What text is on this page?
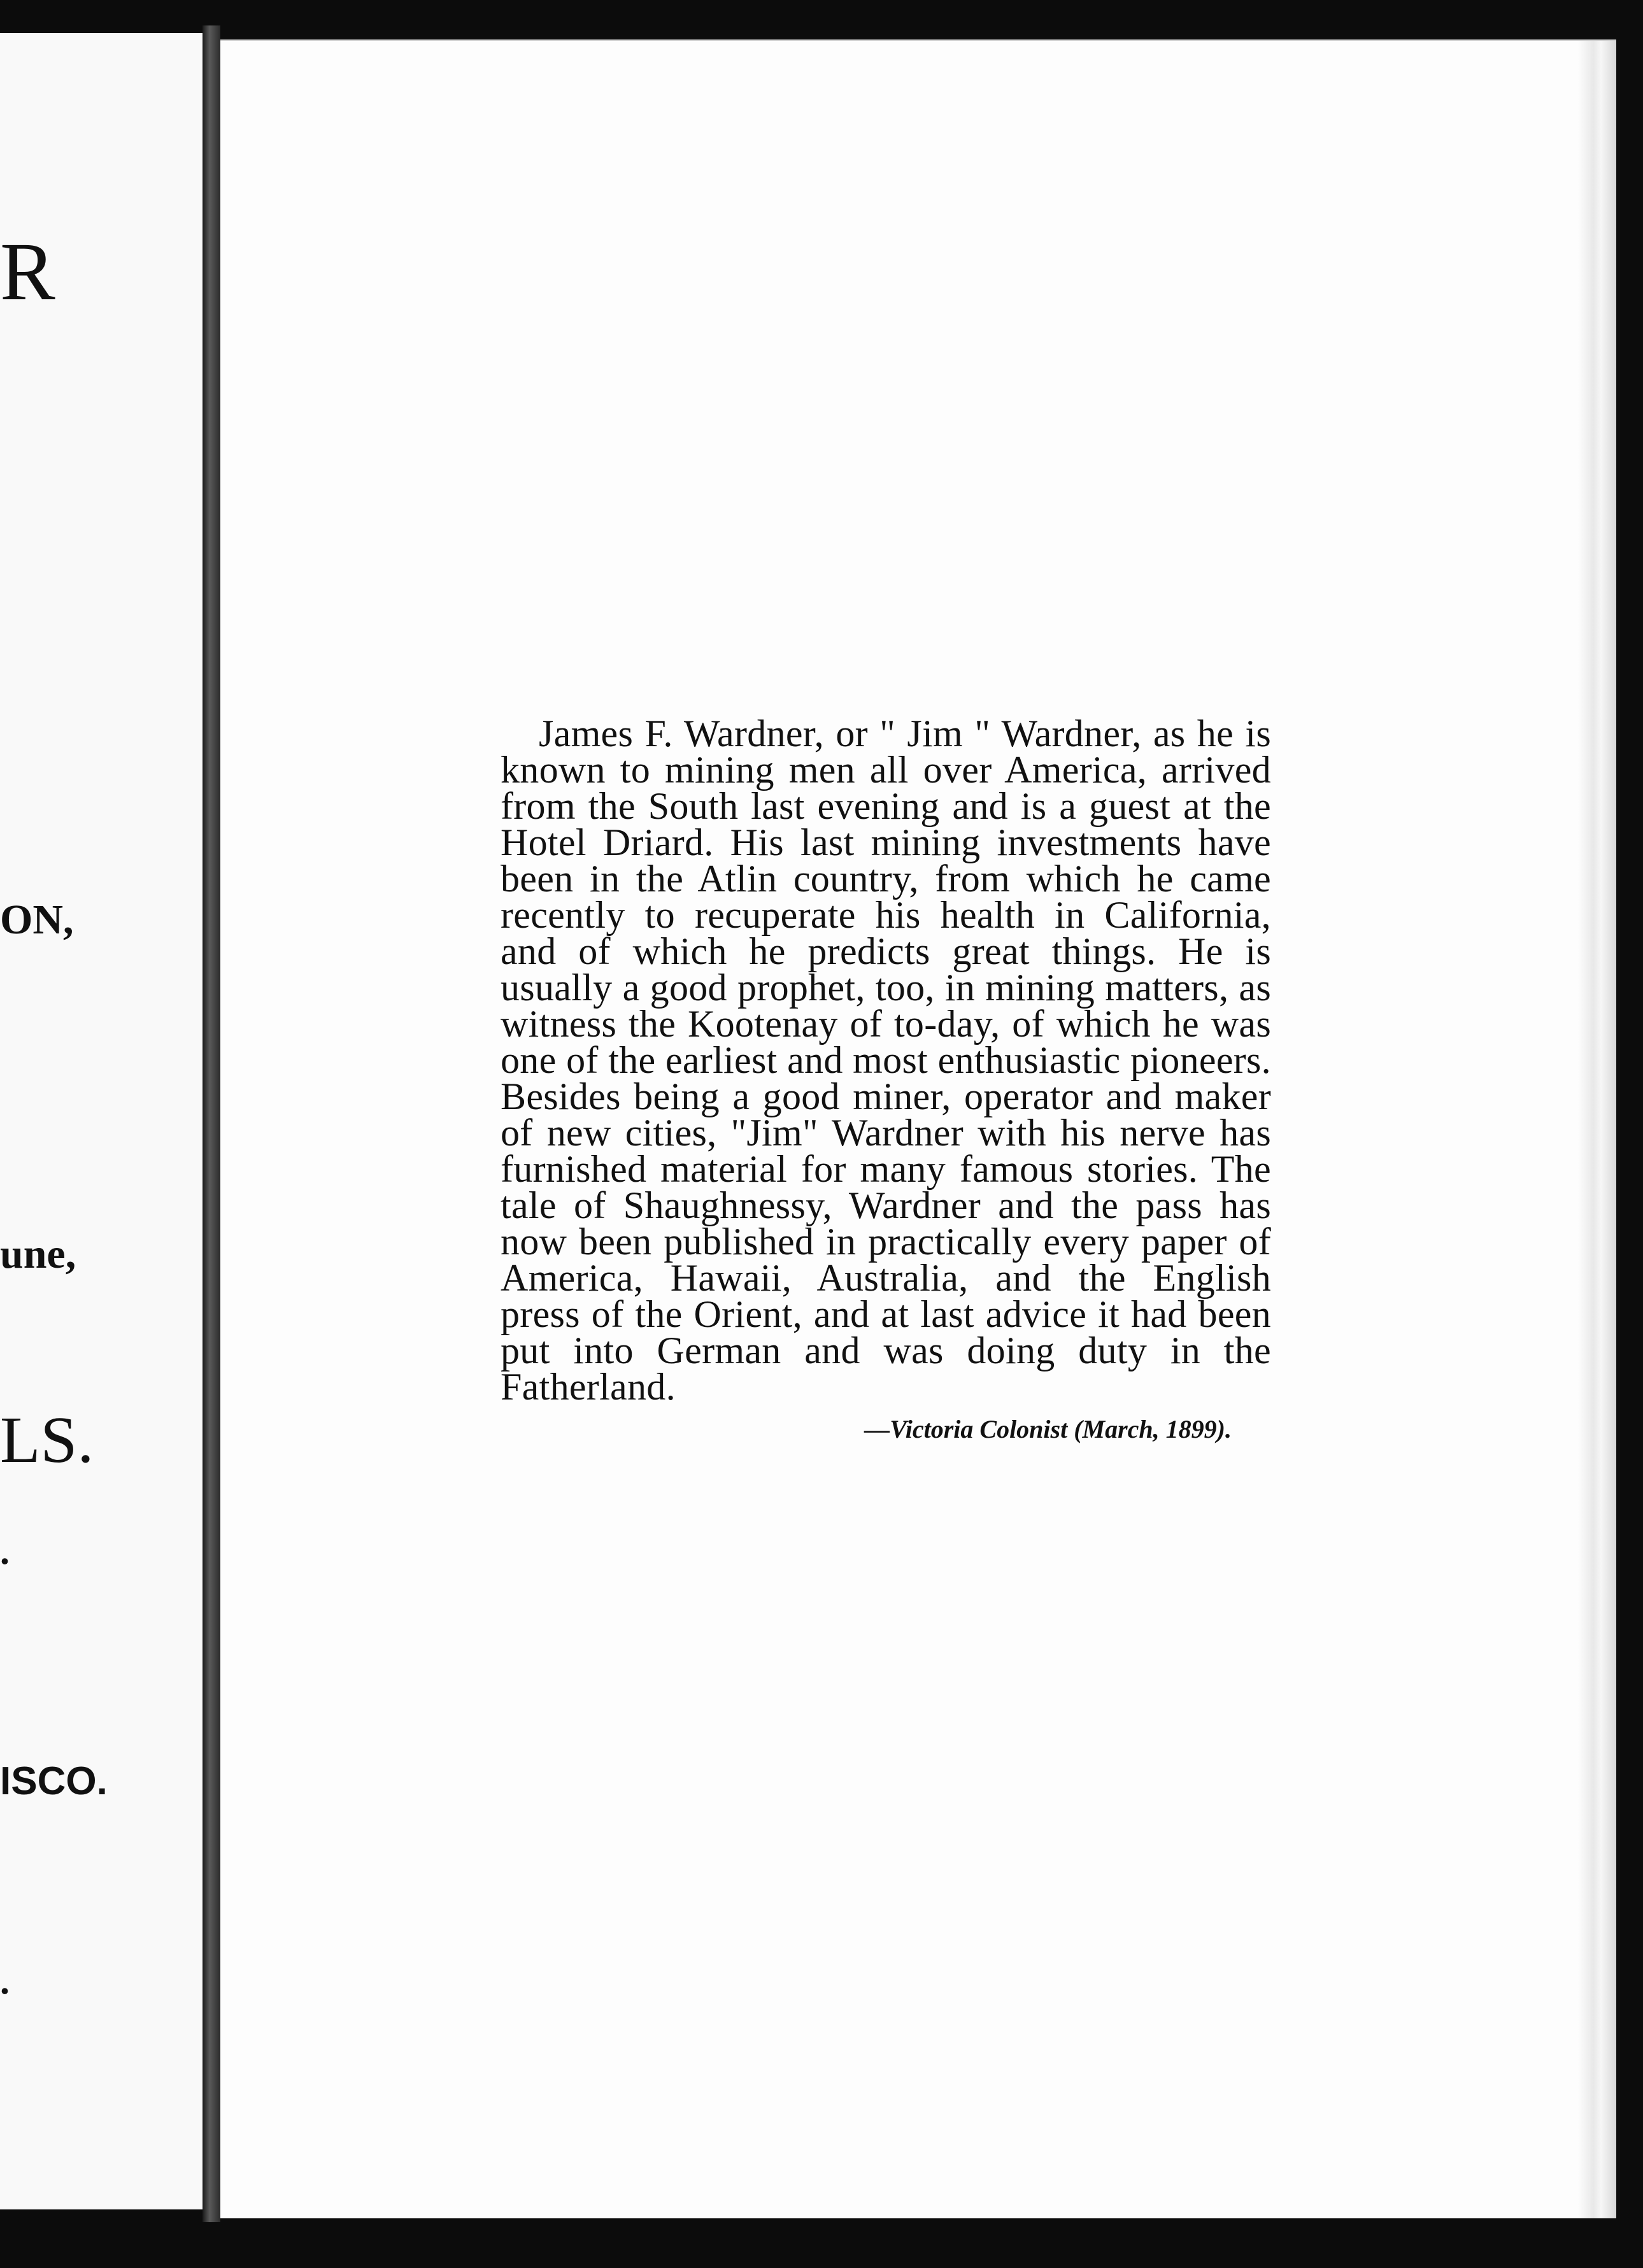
R

ON,

une,

LS.

.

ISCO.

.

James F. Wardner, or " Jim " Wardner, as he is known to mining men all over America, arrived from the South last evening and is a guest at the Hotel Driard. His last mining investments have been in the Atlin country, from which he came recently to recuperate his health in California, and of which he predicts great things. He is usually a good prophet, too, in mining matters, as witness the Kootenay of to-day, of which he was one of the earliest and most enthusiastic pioneers. Besides being a good miner, operator and maker of new cities, "Jim" Wardner with his nerve has furnished material for many famous stories. The tale of Shaughnessy, Wardner and the pass has now been published in practically every paper of America, Hawaii, Australia, and the English press of the Orient, and at last advice it had been put into German and was doing duty in the Fatherland.

—Victoria Colonist (March, 1899).
